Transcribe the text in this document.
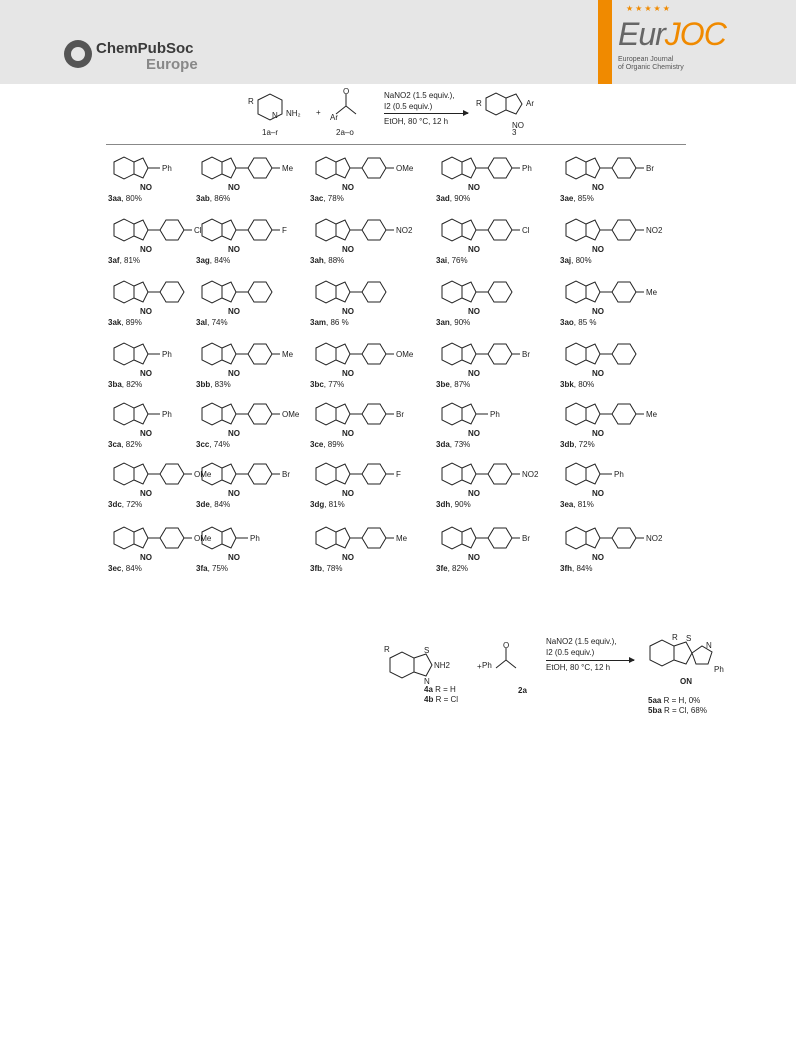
ChemPubSoc
Europe
★★★★★
EurJOC
European Journal
of Organic Chemistry
R
N NH₂
1a–r
+
O
Ar
2a–o
NaNO2 (1.5 equiv.),
I2 (0.5 equiv.)
EtOH, 80 °C, 12 h
R	Ar
NO
3
Ph
NO
3aa, 80%
Me
NO
3ab, 86%
OMe
NO
3ac, 78%
Ph
NO
3ad, 90%
Br
NO
3ae, 85%
Cl
NO
3af, 81%
F
NO
3ag, 84%
NO2
NO
3ah, 88%
Cl
NO
3ai, 76%
NO2
NO
3aj, 80%
NO
3ak, 89%
NO
3al, 74%
NO
3am, 86 %
NO
3an, 90%
Me
NO
3ao, 85 %
Ph
NO
3ba, 82%
Me
NO
3bb, 83%
OMe
NO
3bc, 77%
Br
NO
3be, 87%
NO
3bk, 80%
Ph
NO
3ca, 82%
OMe
NO
3cc, 74%
Br
NO
3ce, 89%
Ph
NO
3da, 73%
Me
NO
3db, 72%
OMe
NO
3dc, 72%
Br
NO
3de, 84%
F
NO
3dg, 81%
NO2
NO
3dh, 90%
Ph
NO
3ea, 81%
OMe
NO
3ec, 84%
Ph
NO
3fa, 75%
Me
NO
3fb, 78%
Br
NO
3fe, 82%
NO2
NO
3fh, 84%
R	S
N
NH2
4a R = H
4b R = Cl
+
O
Ph
2a
NaNO2 (1.5 equiv.),
I2 (0.5 equiv.)
EtOH, 80 °C, 12 h
S
N
Ph
R
ON
5aa R = H, 0%
5ba R = Cl, 68%
